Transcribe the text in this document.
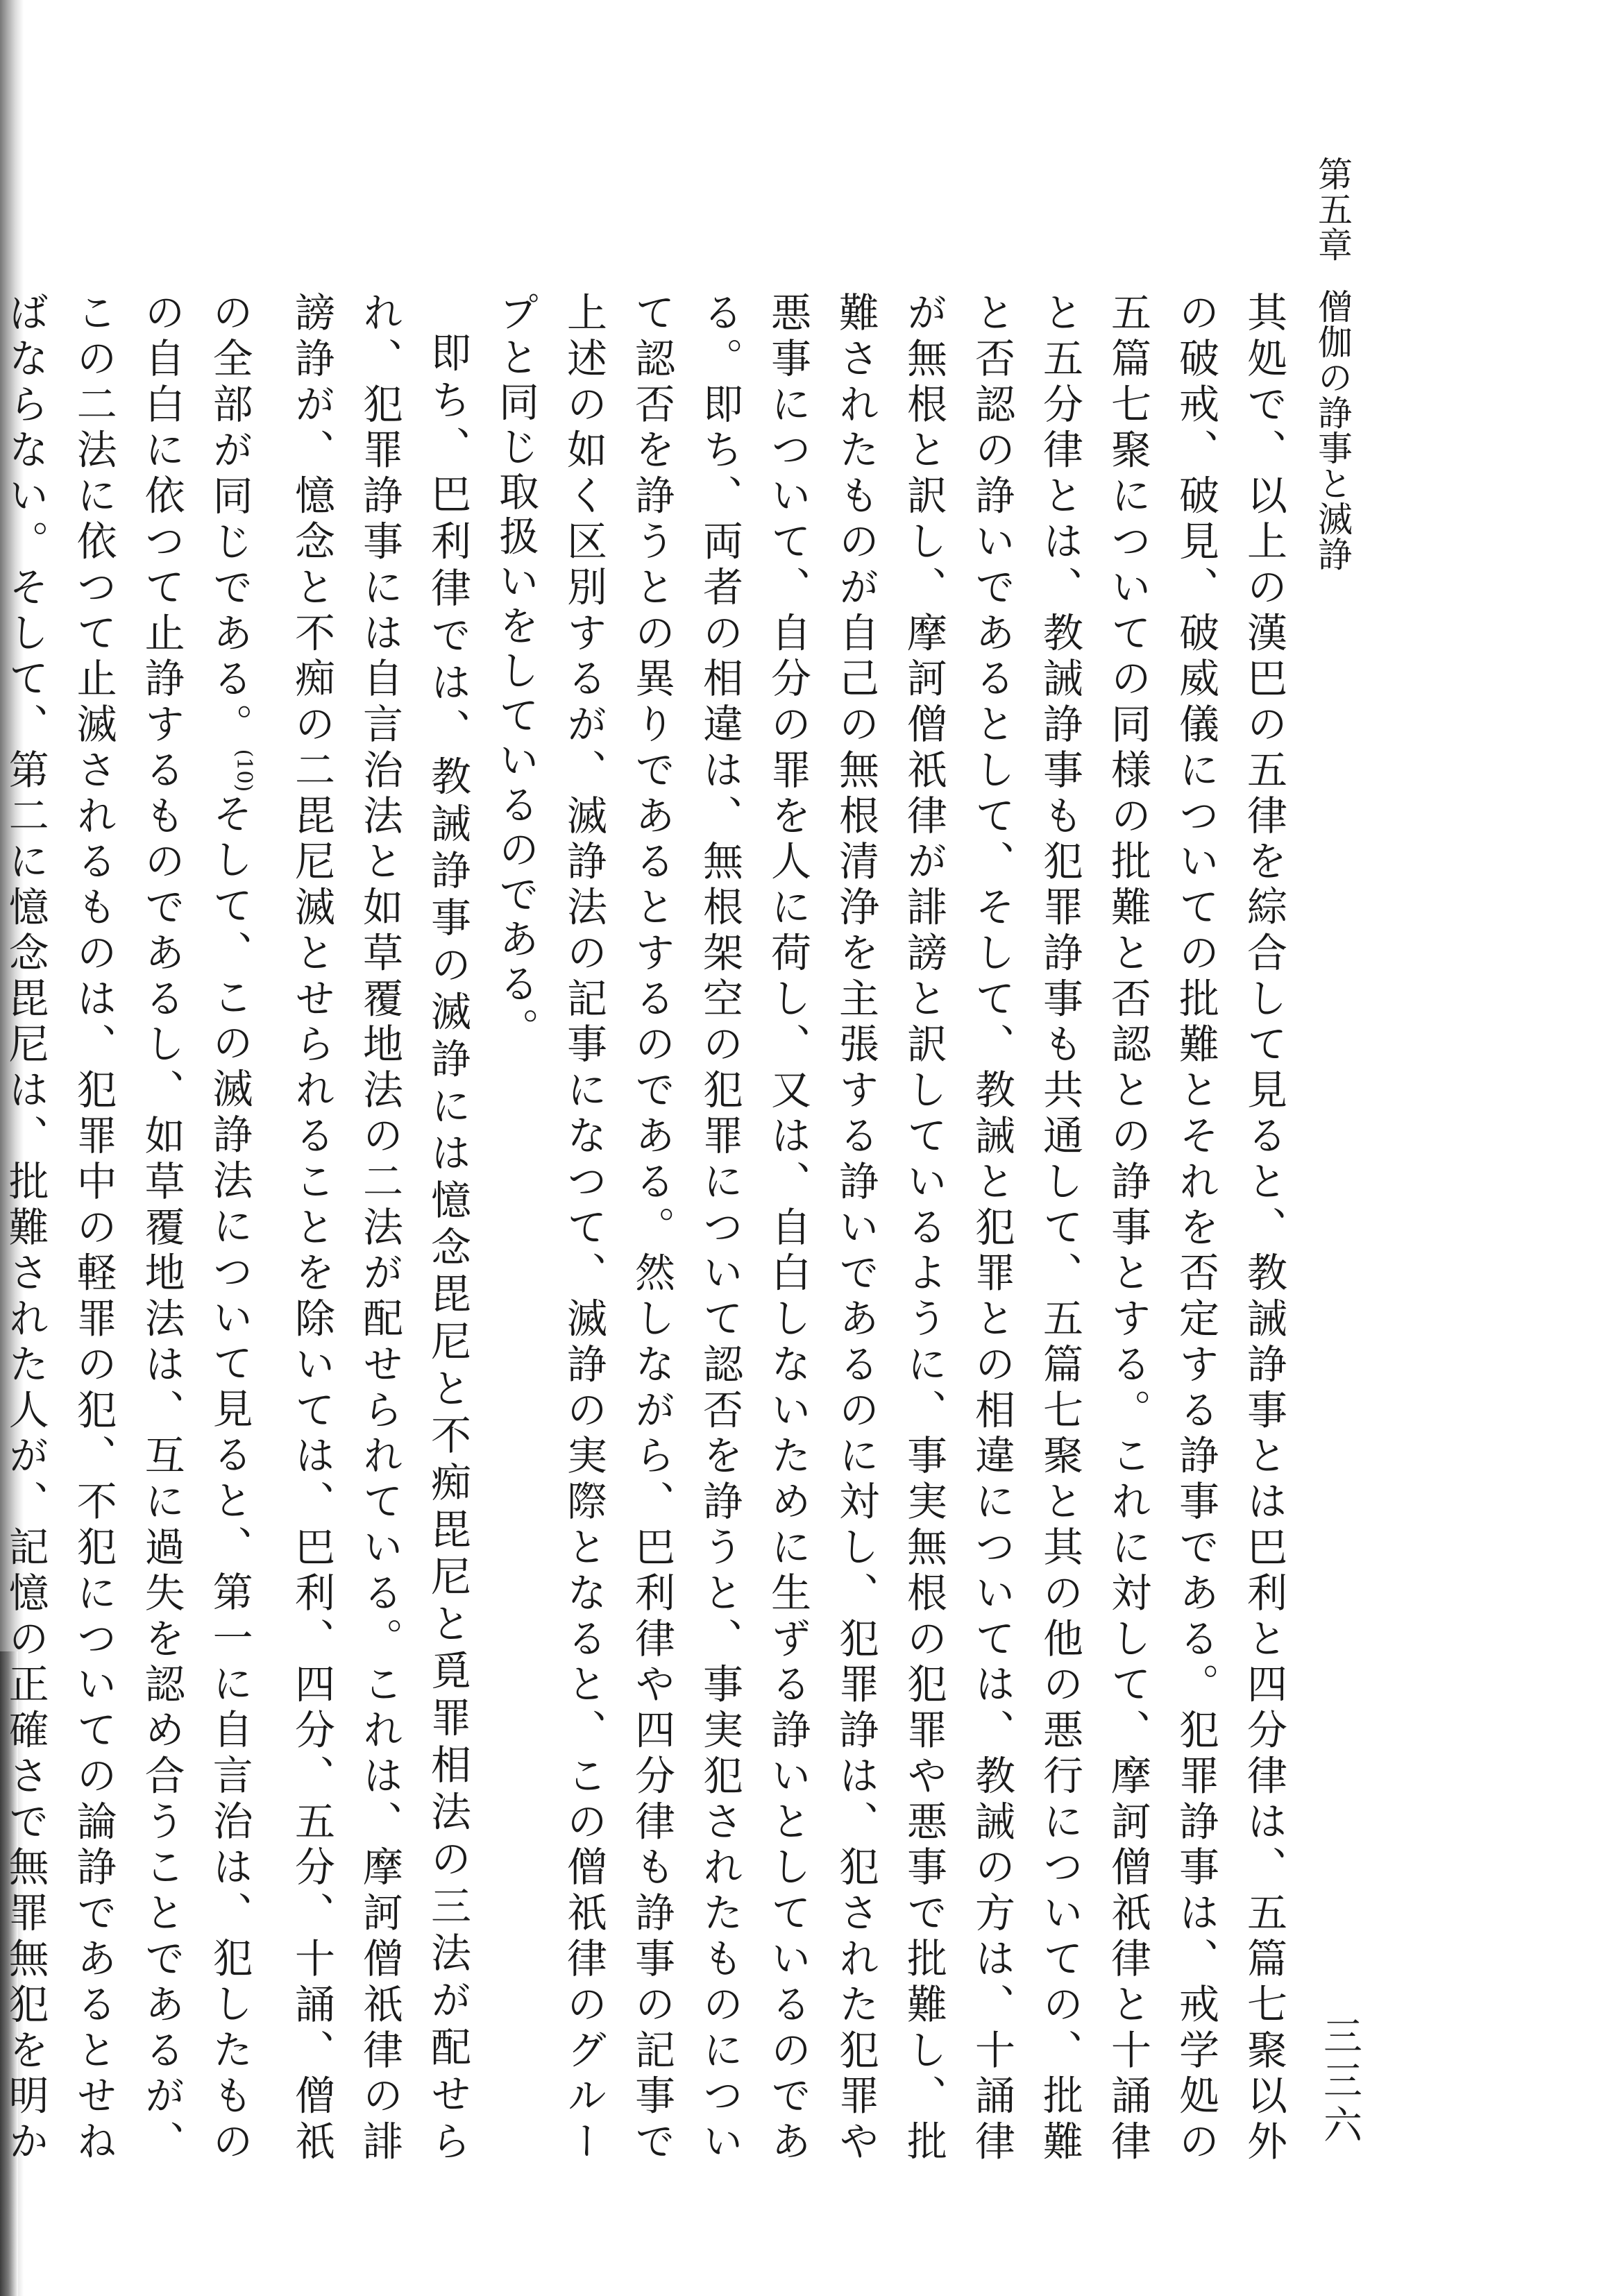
第五章僧伽の諍事と滅諍
三三六

其処で、以上の漢巴の五律を綜合して見ると、教誡諍事とは巴利と四分律は、五篇七聚以外の破戒、破見、破威儀についての批難とそれを否定する諍事である。犯罪諍事は、戒学処の五篇七聚についての同様の批難と否認との諍事とする。これに対して、摩訶僧祇律と十誦律と五分律とは、教誡諍事も犯罪諍事も共通して、五篇七聚と其の他の悪行についての、批難と否認の諍いであるとして、そして、教誡と犯罪との相違については、教誡の方は、十誦律が無根と訳し、摩訶僧祇律が誹謗と訳しているように、事実無根の犯罪や悪事で批難し、批難されたものが自己の無根清浄を主張する諍いであるのに対し、犯罪諍は、犯された犯罪や悪事について、自分の罪を人に荷し、又は、自白しないために生ずる諍いとしているのである。即ち、両者の相違は、無根架空の犯罪について認否を諍うと、事実犯されたものについて認否を諍うとの異りであるとするのである。然しながら、巴利律や四分律も諍事の記事で上述の如く区別するが、滅諍法の記事になつて、滅諍の実際となると、この僧祇律のグループと同じ取扱いをしているのである。

即ち、巴利律では、教誡諍事の滅諍には憶念毘尼と不痴毘尼と覓罪相法の三法が配せられ、犯罪諍事には自言治法と如草覆地法の二法が配せられている。これは、摩訶僧祇律の誹謗諍が、憶念と不痴の二毘尼滅とせられることを除いては、巴利、四分、五分、十誦、僧祇の全部が同じである。$^{(10)}$そして、この滅諍法について見ると、第一に自言治は、犯したものの自白に依つて止諍するものであるし、如草覆地法は、互に過失を認め合うことであるが、この二法に依つて止滅されるものは、犯罪中の軽罪の犯、不犯についての論諍であるとせねばならない。そして、第二に憶念毘尼は、批難された人が、記憶の正確さで無罪無犯を明か
